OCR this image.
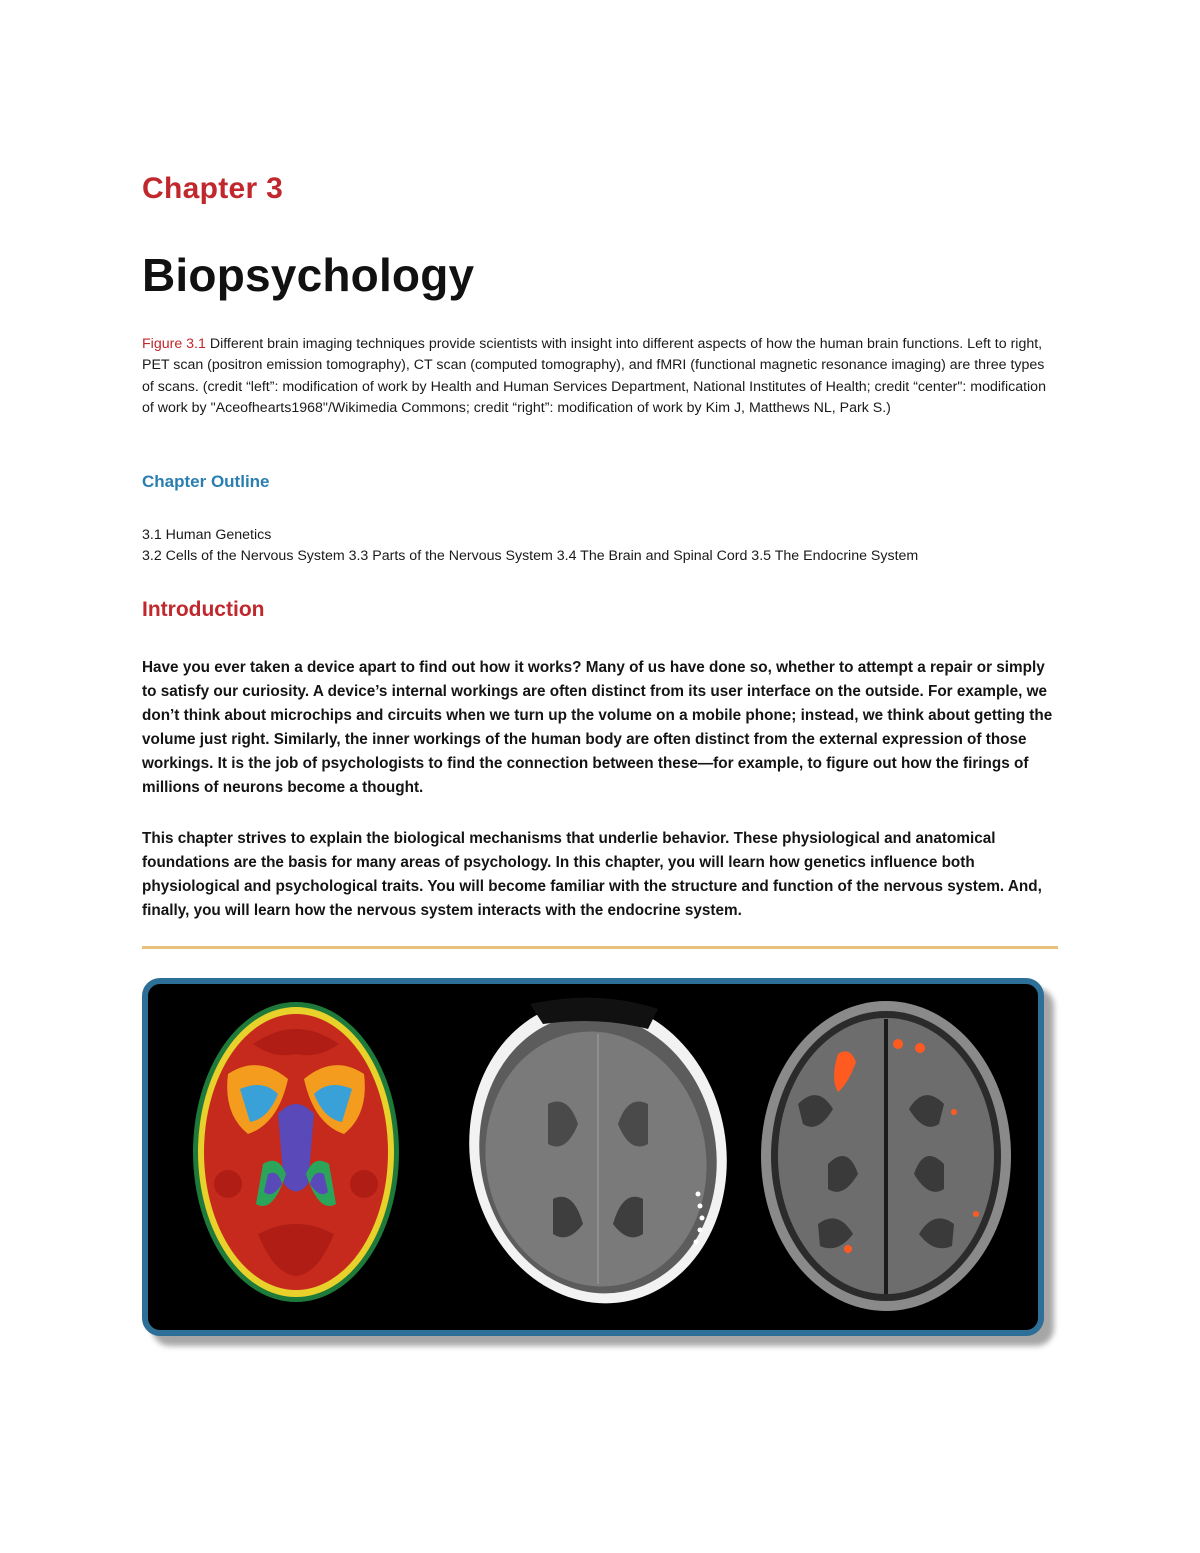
Chapter 3
Biopsychology
Figure 3.1 Different brain imaging techniques provide scientists with insight into different aspects of how the human brain functions. Left to right, PET scan (positron emission tomography), CT scan (computed tomography), and fMRI (functional magnetic resonance imaging) are three types of scans. (credit “left”: modification of work by Health and Human Services Department, National Institutes of Health; credit “center": modification of work by "Aceofhearts1968"/Wikimedia Commons; credit “right”: modification of work by Kim J, Matthews NL, Park S.)
Chapter Outline
3.1 Human Genetics
3.2 Cells of the Nervous System 3.3 Parts of the Nervous System 3.4 The Brain and Spinal Cord 3.5 The Endocrine System
Introduction

Have you ever taken a device apart to find out how it works? Many of us have done so, whether to attempt a repair or simply to satisfy our curiosity. A device’s internal workings are often distinct from its user interface on the outside. For example, we don’t think about microchips and circuits when we turn up the volume on a mobile phone; instead, we think about getting the volume just right. Similarly, the inner workings of the human body are often distinct from the external expression of those workings. It is the job of psychologists to find the connection between these—for example, to figure out how the firings of millions of neurons become a thought.

This chapter strives to explain the biological mechanisms that underlie behavior. These physiological and anatomical foundations are the basis for many areas of psychology. In this chapter, you will learn how genetics influence both physiological and psychological traits. You will become familiar with the structure and function of the nervous system. And, finally, you will learn how the nervous system interacts with the endocrine system.
